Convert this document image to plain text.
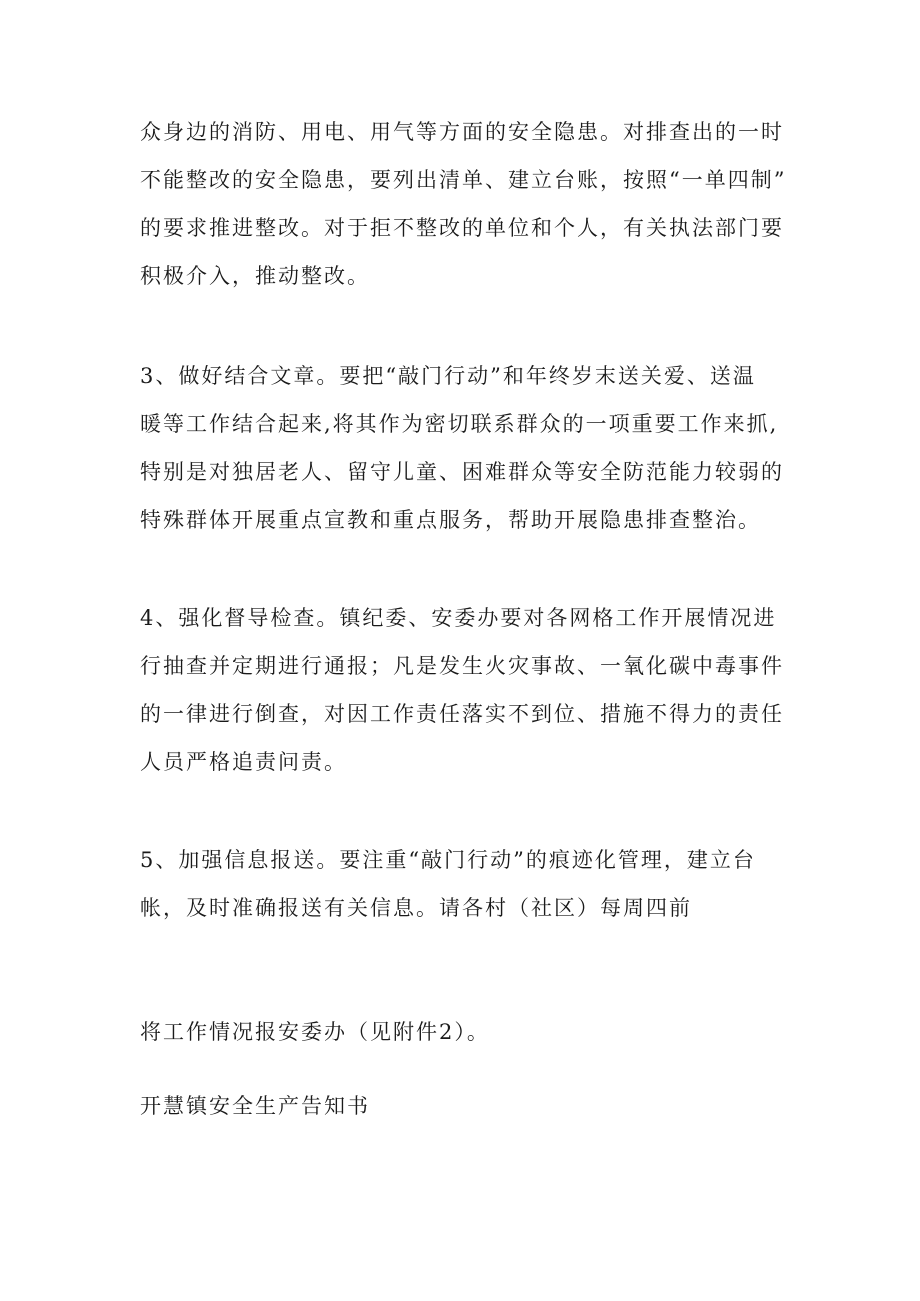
众身边的消防、用电、用气等方面的安全隐患。对排查出的一时
不能整改的安全隐患，要列出清单、建立台账，按照“一单四制”
的要求推进整改。对于拒不整改的单位和个人，有关执法部门要
积极介入，推动整改。

3、做好结合文章。要把“敲门行动”和年终岁末送关爱、送温
暖等工作结合起来,将其作为密切联系群众的一项重要工作来抓,
特别是对独居老人、留守儿童、困难群众等安全防范能力较弱的
特殊群体开展重点宣教和重点服务，帮助开展隐患排查整治。

4、强化督导检查。镇纪委、安委办要对各网格工作开展情况进
行抽查并定期进行通报；凡是发生火灾事故、一氧化碳中毒事件
的一律进行倒查，对因工作责任落实不到位、措施不得力的责任
人员严格追责问责。

5、加强信息报送。要注重“敲门行动”的痕迹化管理，建立台
帐，及时准确报送有关信息。请各村（社区）每周四前

将工作情况报安委办（见附件2）。

开慧镇安全生产告知书
